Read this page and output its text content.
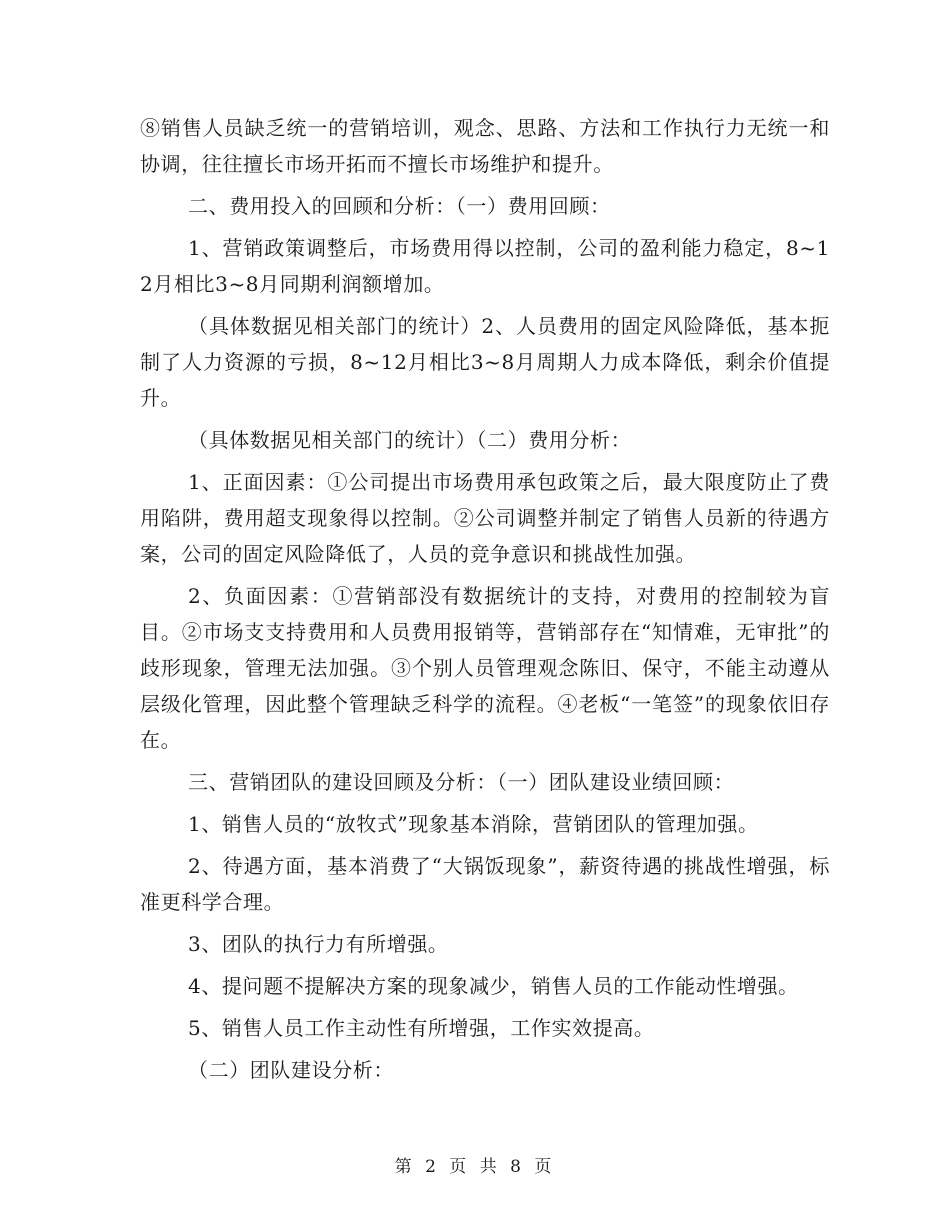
⑧销售人员缺乏统一的营销培训，观念、思路、方法和工作执行力无统一和协调，往往擅长市场开拓而不擅长市场维护和提升。

二、费用投入的回顾和分析：（一）费用回顾：

1、营销政策调整后，市场费用得以控制，公司的盈利能力稳定，8~12月相比3~8月同期利润额增加。

（具体数据见相关部门的统计）2、人员费用的固定风险降低，基本扼制了人力资源的亏损，8~12月相比3~8月周期人力成本降低，剩余价值提升。

（具体数据见相关部门的统计）（二）费用分析：

1、正面因素：①公司提出市场费用承包政策之后，最大限度防止了费用陷阱，费用超支现象得以控制。②公司调整并制定了销售人员新的待遇方案，公司的固定风险降低了，人员的竞争意识和挑战性加强。

2、负面因素：①营销部没有数据统计的支持，对费用的控制较为盲目。②市场支支持费用和人员费用报销等，营销部存在“知情难，无审批”的歧形现象，管理无法加强。③个别人员管理观念陈旧、保守，不能主动遵从层级化管理，因此整个管理缺乏科学的流程。④老板“一笔签”的现象依旧存在。

三、营销团队的建设回顾及分析：（一）团队建设业绩回顾：

1、销售人员的“放牧式”现象基本消除，营销团队的管理加强。

2、待遇方面，基本消费了“大锅饭现象”，薪资待遇的挑战性增强，标准更科学合理。

3、团队的执行力有所增强。

4、提问题不提解决方案的现象减少，销售人员的工作能动性增强。

5、销售人员工作主动性有所增强，工作实效提高。

（二）团队建设分析：

第 2 页 共 8 页
